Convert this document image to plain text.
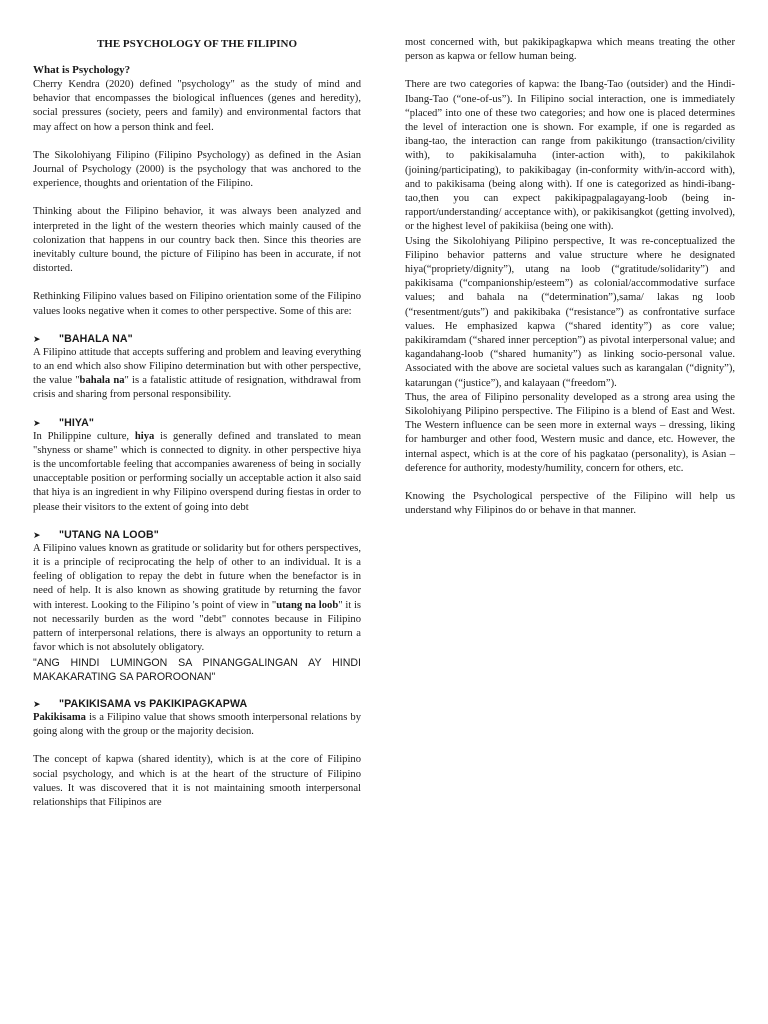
THE PSYCHOLOGY OF THE FILIPINO
What is Psychology?

Cherry Kendra (2020) defined "psychology" as the study of mind and behavior that encompasses the biological influences (genes and heredity), social pressures (society, peers and family) and environmental factors that may affect on how a person think and feel.

The Sikolohiyang Filipino (Filipino Psychology) as defined in the Asian Journal of Psychology (2000) is the psychology that was anchored to the experience, thoughts and orientation of the Filipino.

Thinking about the Filipino behavior, it was always been analyzed and interpreted in the light of the western theories which mainly caused of the colonization that happens in our country back then. Since this theories are inevitably culture bound, the picture of Filipino has been in accurate, if not distorted.

Rethinking Filipino values based on Filipino orientation some of the Filipino values looks negative when it comes to other perspective. Some of this are:

➤ "BAHALA NA"

A Filipino attitude that accepts suffering and problem and leaving everything to an end which also show Filipino determination but with other perspective, the value "bahala na" is a fatalistic attitude of resignation, withdrawal from crisis and sharing from personal responsibility.

➤ "HIYA"

In Philippine culture, hiya is generally defined and translated to mean "shyness or shame" which is connected to dignity. in other perspective hiya is the uncomfortable feeling that accompanies awareness of being in socially unacceptable position or performing socially un acceptable action it also said that hiya is an ingredient in why Filipino overspend during fiestas in order to please their visitors to the extent of going into debt

➤ "UTANG NA LOOB"

A Filipino values known as gratitude or solidarity but for others perspectives, it is a principle of reciprocating the help of other to an individual. It is a feeling of obligation to repay the debt in future when the benefactor is in need of help. It is also known as showing gratitude by returning the favor with interest. Looking to the Filipino 's point of view in "utang na loob" it is not necessarily burden as the word "debt" connotes because in Filipino pattern of interpersonal relations, there is always an opportunity to return a favor which is not absolutely obligatory.

"ANG HINDI LUMINGON SA PINANGGALINGAN AY HINDI MAKAKARATING SA PAROROONAN"
➤ "PAKIKISAMA vs PAKIKIPAGKAPWA

Pakikisama is a Filipino value that shows smooth interpersonal relations by going along with the group or the majority decision.

The concept of kapwa (shared identity), which is at the core of Filipino social psychology, and which is at the heart of the structure of Filipino values. It was discovered that it is not maintaining smooth interpersonal relationships that Filipinos are

most concerned with, but pakikipagkapwa which means treating the other person as kapwa or fellow human being.

There are two categories of kapwa: the Ibang-Tao (outsider) and the Hindi-Ibang-Tao (“one-of-us”). In Filipino social interaction, one is immediately “placed” into one of these two categories; and how one is placed determines the level of interaction one is shown. For example, if one is regarded as ibang-tao, the interaction can range from pakikitungo (transaction/civility with), to pakikisalamuha (inter-action with), to pakikilahok (joining/participating), to pakikibagay (in-conformity with/in-accord with), and to pakikisama (being along with). If one is categorized as hindi-ibang-tao,then you can expect pakikipagpalagayang-loob (being in-rapport/understanding/ acceptance with), or pakikisangkot (getting involved), or the highest level of pakikiisa (being one with).

Using the Sikolohiyang Pilipino perspective, It was re-conceptualized the Filipino behavior patterns and value structure where he designated hiya(“propriety/dignity”), utang na loob (“gratitude/solidarity”) and pakikisama (“companionship/esteem”) as colonial/accommodative surface values; and bahala na (“determination”),sama/ lakas ng loob (“resentment/guts”) and pakikibaka (“resistance”) as confrontative surface values. He emphasized kapwa (“shared identity”) as core value; pakikiramdam (“shared inner perception”) as pivotal interpersonal value; and kagandahang-loob (“shared humanity”) as linking socio-personal value. Associated with the above are societal values such as karangalan (“dignity”), katarungan (“justice”), and kalayaan (“freedom”).

Thus, the area of Filipino personality developed as a strong area using the Sikolohiyang Pilipino perspective. The Filipino is a blend of East and West. The Western influence can be seen more in external ways – dressing, liking for hamburger and other food, Western music and dance, etc. However, the internal aspect, which is at the core of his pagkatao (personality), is Asian – deference for authority, modesty/humility, concern for others, etc.

Knowing the Psychological perspective of the Filipino will help us understand why Filipinos do or behave in that manner.
